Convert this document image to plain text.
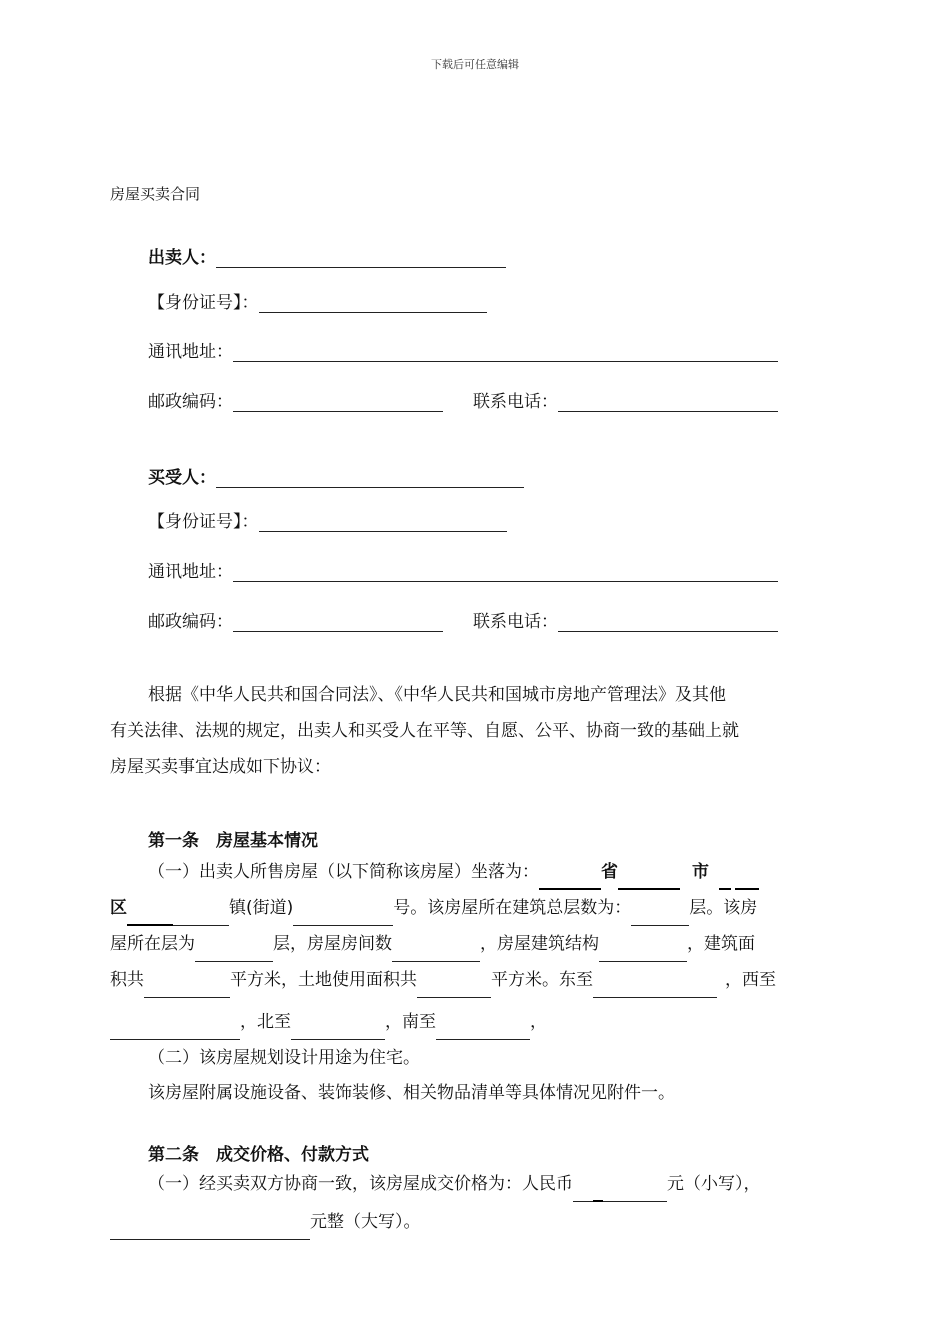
下载后可任意编辑
房屋买卖合同
出卖人：
【身份证号】：
通讯地址：
邮政编码：	联系电话：
买受人：
【身份证号】：
通讯地址：
邮政编码：	联系电话：
根据《中华人民共和国合同法》、《中华人民共和国城市房地产管理法》及其他
有关法律、法规的规定，出卖人和买受人在平等、自愿、公平、协商一致的基础上就
房屋买卖事宜达成如下协议：
第一条　房屋基本情况
（一）出卖人所售房屋（以下简称该房屋）坐落为：	省	市
区	镇(街道)	号。该房屋所在建筑总层数为：	层。该房
屋所在层为	层，房屋房间数	，房屋建筑结构	，建筑面
积共	平方米，土地使用面积共	平方米。东至	，西至
，北至	，南至	，
（二）该房屋规划设计用途为住宅。
该房屋附属设施设备、装饰装修、相关物品清单等具体情况见附件一。
第二条　成交价格、付款方式
（一）经买卖双方协商一致，该房屋成交价格为：人民币	元（小写），
元整（大写）。
